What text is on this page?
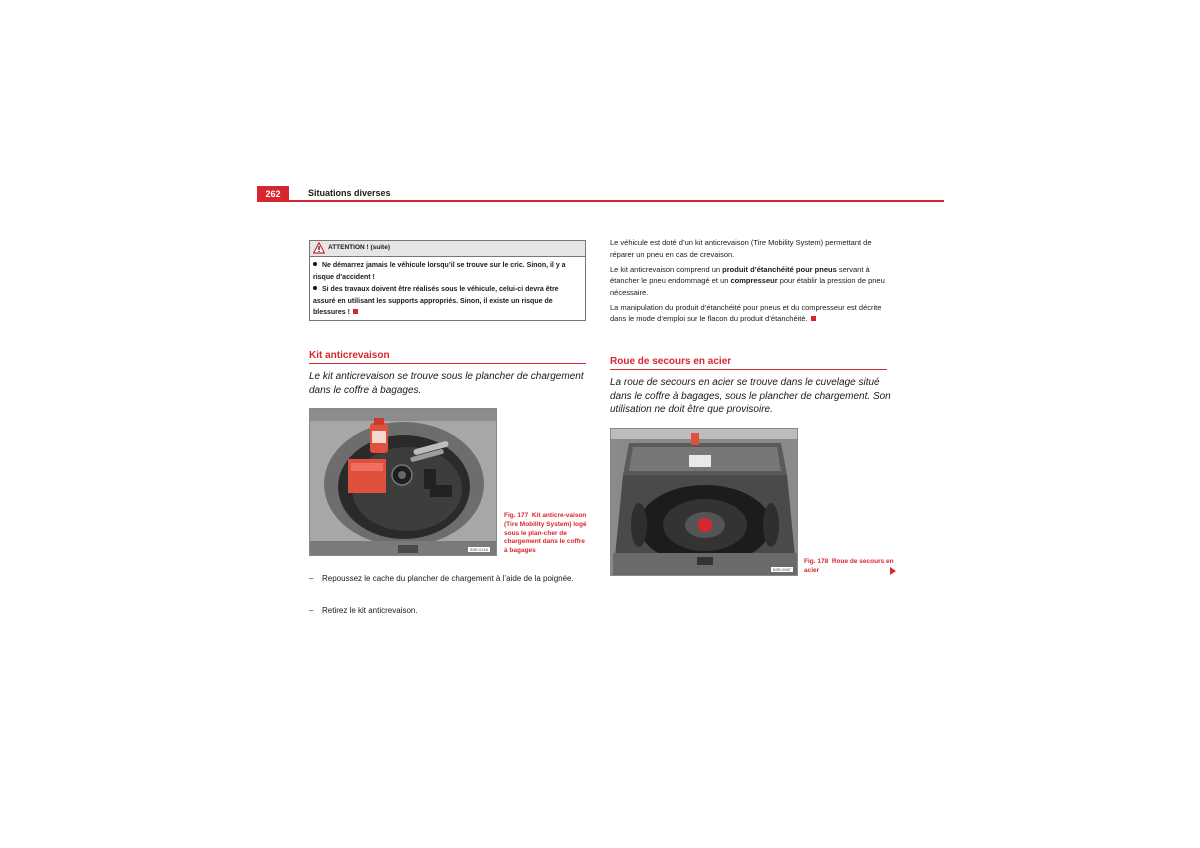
262	Situations diverses
ATTENTION ! (suite)

Ne démarrez jamais le véhicule lorsqu’il se trouve sur le cric. Sinon, il y a risque d’accident !

Si des travaux doivent être réalisés sous le véhicule, celui-ci devra être assuré en utilisant les supports appropriés. Sinon, il existe un risque de blessures !

Kit anticrevaison
Le kit anticrevaison se trouve sous le plancher de chargement dans le coffre à bagages.
B3R-0216
Fig. 177 Kit anticre-vaison (Tire Mobility System) logé sous le plan-cher de chargement dans le coffre à bagages
– Repoussez le cache du plancher de chargement à l’aide de la poignée.
– Retirez le kit anticrevaison.

Le véhicule est doté d’un kit anticrevaison (Tire Mobility System) permettant de réparer un pneu en cas de crevaison.

Le kit anticrevaison comprend un produit d’étanchéité pour pneus servant à étancher le pneu endommagé et un compresseur pour établir la pression de pneu nécessaire.

La manipulation du produit d’étanchéité pour pneus et du compresseur est décrite dans le mode d’emploi sur le flacon du produit d’étanchéité.

Roue de secours en acier
La roue de secours en acier se trouve dans le cuvelage situé dans le coffre à bagages, sous le plancher de chargement. Son utilisation ne doit être que provisoire.
B3R-0087
Fig. 178 Roue de secours en acier
